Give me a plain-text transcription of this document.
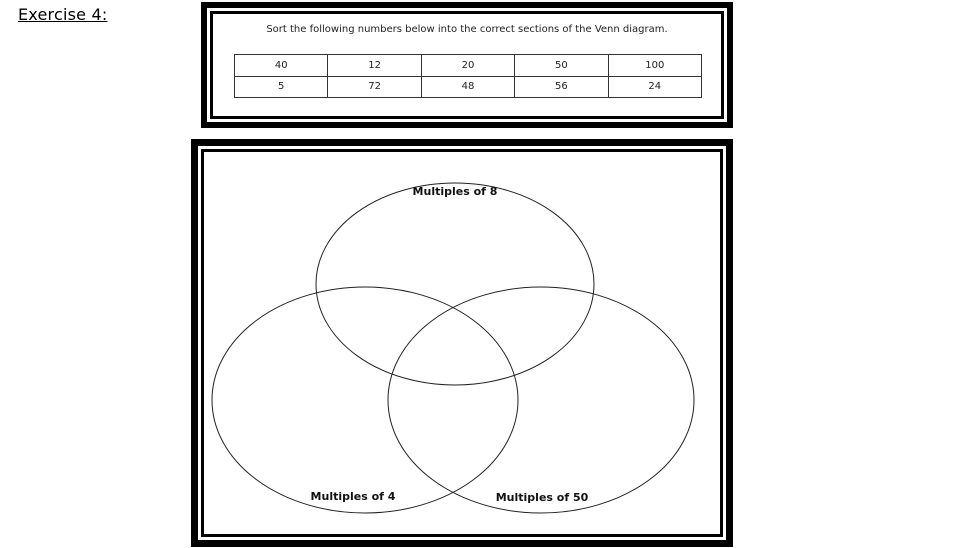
Exercise 4:
Sort the following numbers below into the correct sections of the Venn diagram.
40	12	20	50	100
5	72	48	56	24
Multiples of 8
Multiples of 4	Multiples of 50
